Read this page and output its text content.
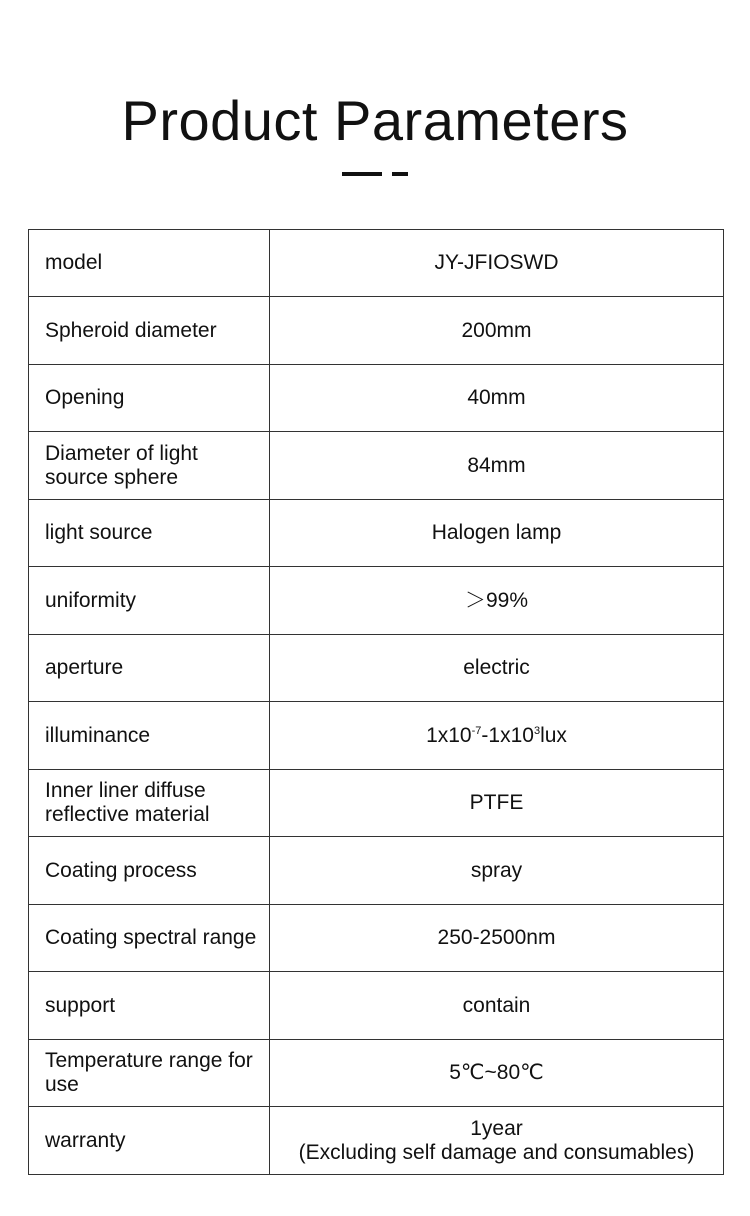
Product Parameters
model	JY-JFIOSWD
Spheroid diameter	200mm
Opening	40mm
Diameter of light source sphere	84mm
light source	Halogen lamp
uniformity	＞99%
aperture	electric
illuminance	$1x10^{-7}-1x10^3lux$
Inner liner diffuse reflective material	PTFE
Coating process	spray
Coating spectral range	250-2500nm
support	contain
Temperature range for use	5℃~80℃
warranty	1year
(Excluding self damage and consumables)
